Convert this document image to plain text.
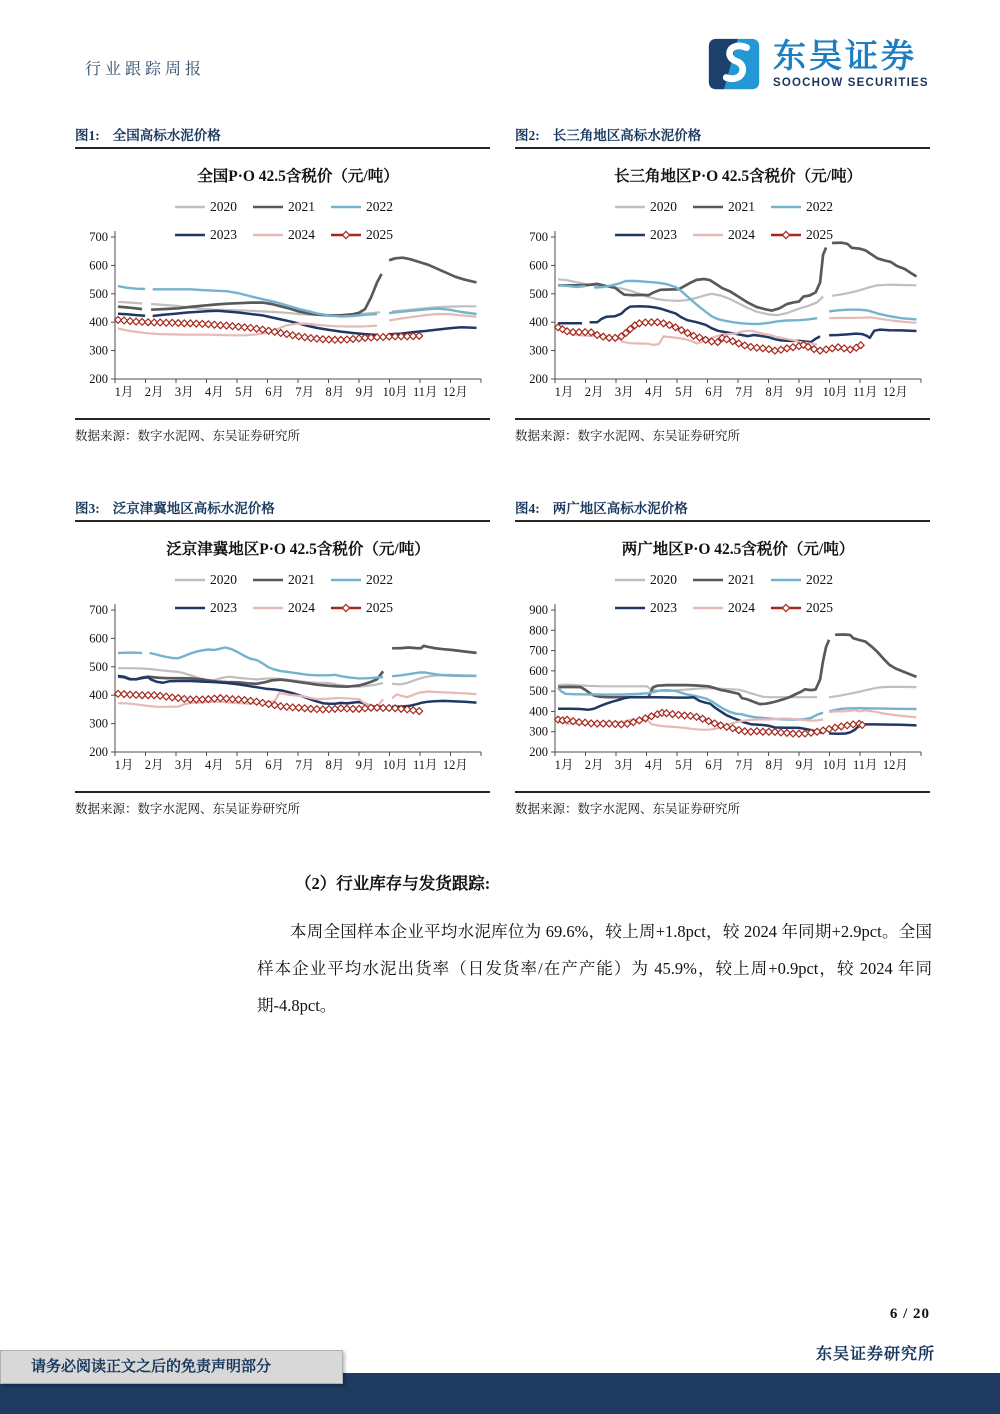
行业跟踪周报	东吴证券
SOOCHOW SECURITIES
图1: 全国高标水泥价格
全国P·O 42.5含税价（元/吨）
2020	2021	2022
2023	2024	2025
200
300
400
500
600
700
1月 2月 3月 4月 5月 6月 7月 8月 9月 10月 11月 12月
数据来源：数字水泥网、东吴证券研究所
图2: 长三角地区高标水泥价格
长三角地区P·O 42.5含税价（元/吨）
2020	2021	2022
2023	2024	2025
200
300
400
500
600
700
1月 2月 3月 4月 5月 6月 7月 8月 9月 10月 11月 12月
数据来源：数字水泥网、东吴证券研究所
图3: 泛京津冀地区高标水泥价格
泛京津冀地区P·O 42.5含税价（元/吨）
2020	2021	2022
2023	2024	2025
200
300
400
500
600
700
1月 2月 3月 4月 5月 6月 7月 8月 9月 10月 11月 12月
数据来源：数字水泥网、东吴证券研究所
图4: 两广地区高标水泥价格
两广地区P·O 42.5含税价（元/吨）
2020	2021	2022
2023	2024	2025
200
300
400
500
600
700
800
900
1月 2月 3月 4月 5月 6月 7月 8月 9月 10月 11月 12月
数据来源：数字水泥网、东吴证券研究所

（2）行业库存与发货跟踪:

本周全国样本企业平均水泥库位为 69.6%，较上周+1.8pct，较 2024 年同期+2.9pct。全国样本企业平均水泥出货率（日发货率/在产产能）为 45.9%，较上周+0.9pct，较 2024 年同期-4.8pct。

6 / 20
东吴证券研究所
请务必阅读正文之后的免责声明部分
